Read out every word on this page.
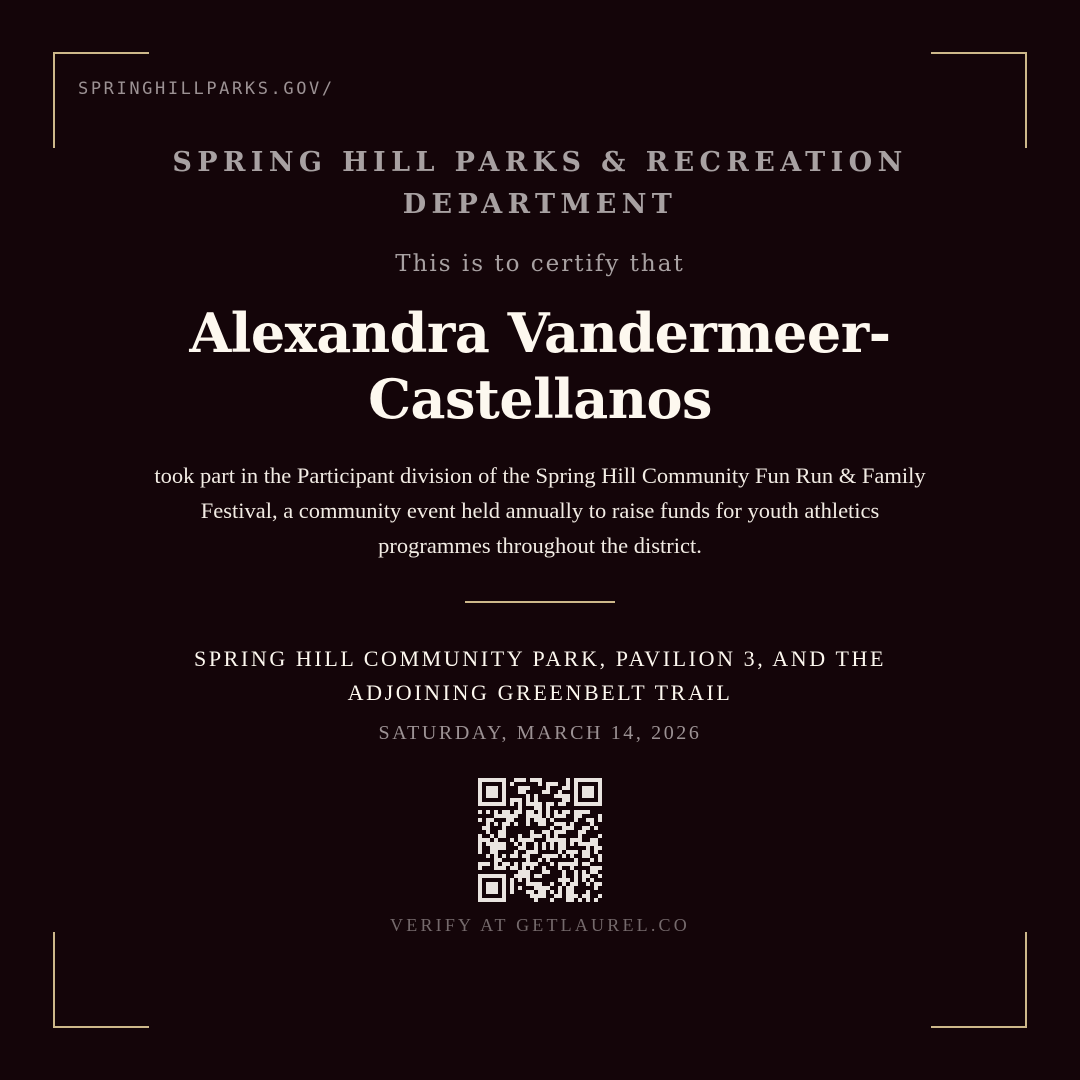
SPRINGHILLPARKS.GOV/
SPRING HILL PARKS & RECREATION DEPARTMENT
This is to certify that
Alexandra Vandermeer-Castellanos
took part in the Participant division of the Spring Hill Community Fun Run & Family Festival, a community event held annually to raise funds for youth athletics programmes throughout the district.
SPRING HILL COMMUNITY PARK, PAVILION 3, AND THE ADJOINING GREENBELT TRAIL
SATURDAY, MARCH 14, 2026
VERIFY AT GETLAUREL.CO
